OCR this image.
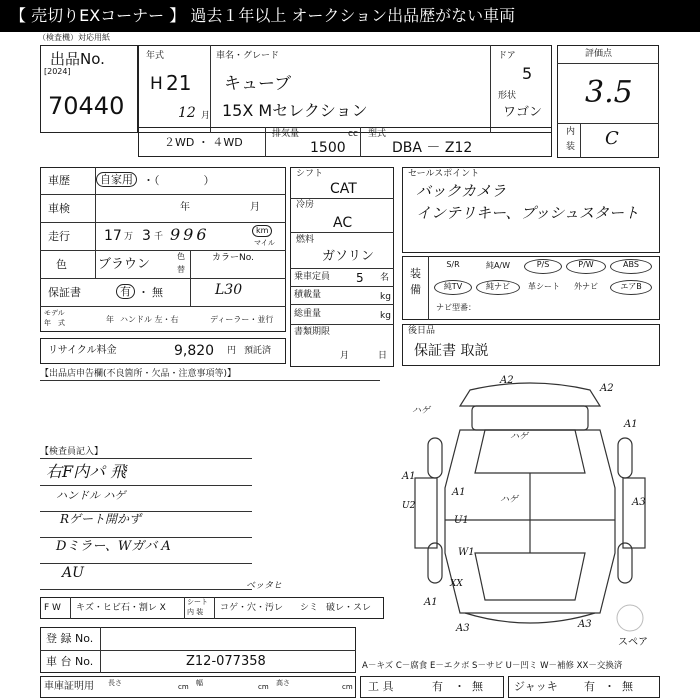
【 売切りEXコーナー 】 過去１年以上 オークション出品歴がない車両
（検査機）対応用紙
出品No.
[2024]
70440
年式
H 21
12 月
車名・グレード
キューブ
15X Mセレクション
ドア
5
形状
ワゴン
評価点
3.5
内
装 C
２WD ・ ４WD
排気量	cc
1500
型式
DBA － Z12
車歴	自家用 ・（　　　　）
車検	年	月
走行 17 万 3 千 996	km
マイル
色 ブラウン
色
替
カラーNo.
L30
保証書	有 ・ 無
モデル
年　式	年 ハンドル 左・右	ディーラー・並行
リサイクル料金	9,820 円 預託済
シフト
CAT
冷房
AC
燃料
ガソリン
乗車定員 5 名
積載量	kg
総重量	kg
書類期限
月	日
セールスポイント
バックカメラ
インテリキー、プッシュスタート
装
備
S/R	純A/W	P/S	P/W	ABS
純TV	純ナビ	革シート	外ナビ	エアB
ナビ型番：
後日品
保証書 取説
【出品店申告欄(不良箇所・欠品・注意事項等)】
【検査員記入】
右F内パ 飛
ハンドル ハゲ
Rゲート開かず
Dミラー、Wガバ A
AU
A2
A2
ハゲ
A1
A1
ハゲ
A1
A3
ハゲ
U1
U2
W1
XX
A1
A3	A3
スペア
F W キズ・ヒビ石・割レ X
シート
内 装 コゲ・穴・汚レ シミ 破レ・スレ
ベッタヒ
登 録 No.
車 台 No.	Z12-077358	A－キズ C－腐食 E－エクボ S－サビ U－凹ミ W－補修 XX－交換済
車庫証明用 長さ	cm 幅	cm 高さ	cm 工 具	有 ・ 無	ジャッキ 有 ・ 無
